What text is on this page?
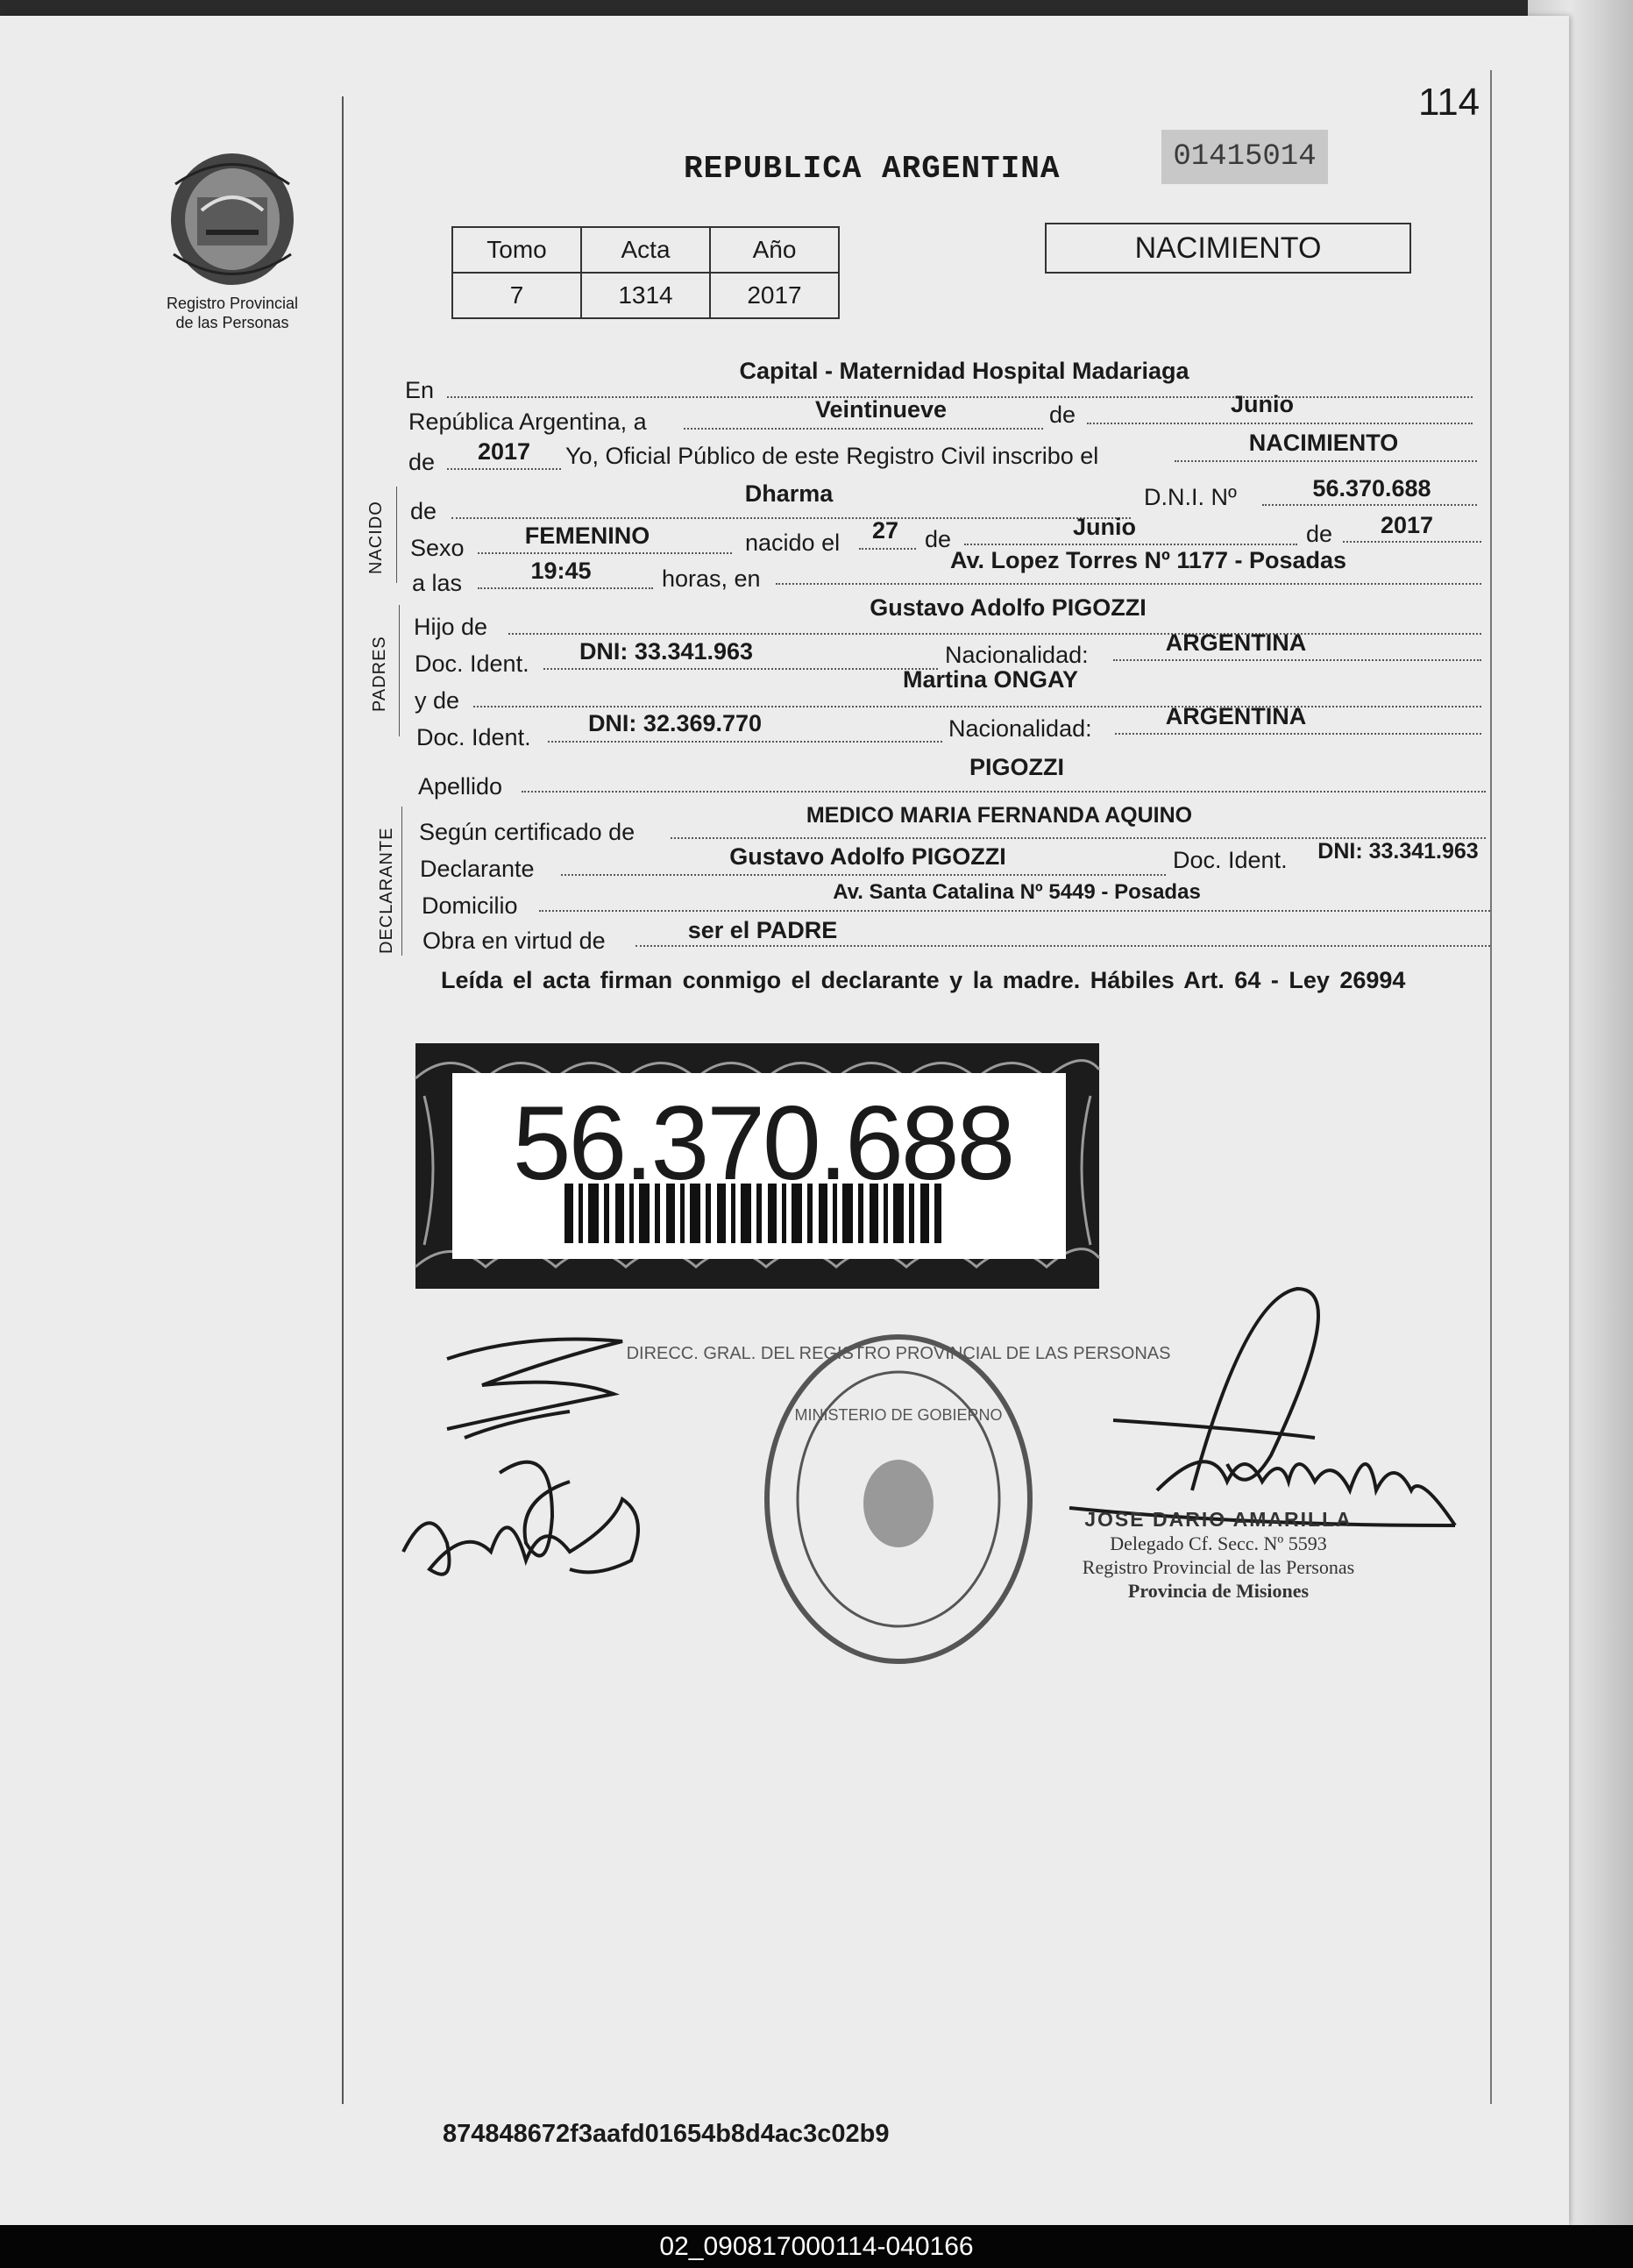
114
Registro Provincial
de las Personas
REPUBLICA ARGENTINA	01415014
Tomo	Acta	Año
7	1314	2017
NACIMIENTO
En
Capital - Maternidad Hospital Madariaga
República Argentina, a	Veintinueve	de	Junio
de	2017	Yo, Oficial Público de este Registro Civil inscribo el	NACIMIENTO
NACIDO de
Dharma	D.N.I. Nº	56.370.688
Sexo	FEMENINO	nacido el	27	de	Junio	de	2017
a las	19:45	horas, en
Av. Lopez Torres Nº 1177 - Posadas
PADRES
Hijo de
Gustavo Adolfo PIGOZZI
Doc. Ident.	DNI: 33.341.963	Nacionalidad:	ARGENTINA
y de
Martina ONGAY
Doc. Ident.
DNI: 32.369.770	Nacionalidad:	ARGENTINA
Apellido
PIGOZZI
DECLARANTE Según certificado de
MEDICO MARIA FERNANDA AQUINO
Declarante	Gustavo Adolfo PIGOZZI	Doc. Ident.	DNI: 33.341.963
Domicilio
Av. Santa Catalina Nº 5449 - Posadas
Obra en virtud de	ser el PADRE
Leída el acta firman conmigo el declarante y la madre. Hábiles Art. 64 - Ley 26994
56.370.688
DIRECC. GRAL. DEL REGISTRO PROVINCIAL DE LAS PERSONAS
MINISTERIO DE GOBIERNO
JOSE DARIO AMARILLA
Delegado Cf. Secc. Nº 5593
Registro Provincial de las Personas
Provincia de Misiones
874848672f3aafd01654b8d4ac3c02b9
02_090817000114-040166
